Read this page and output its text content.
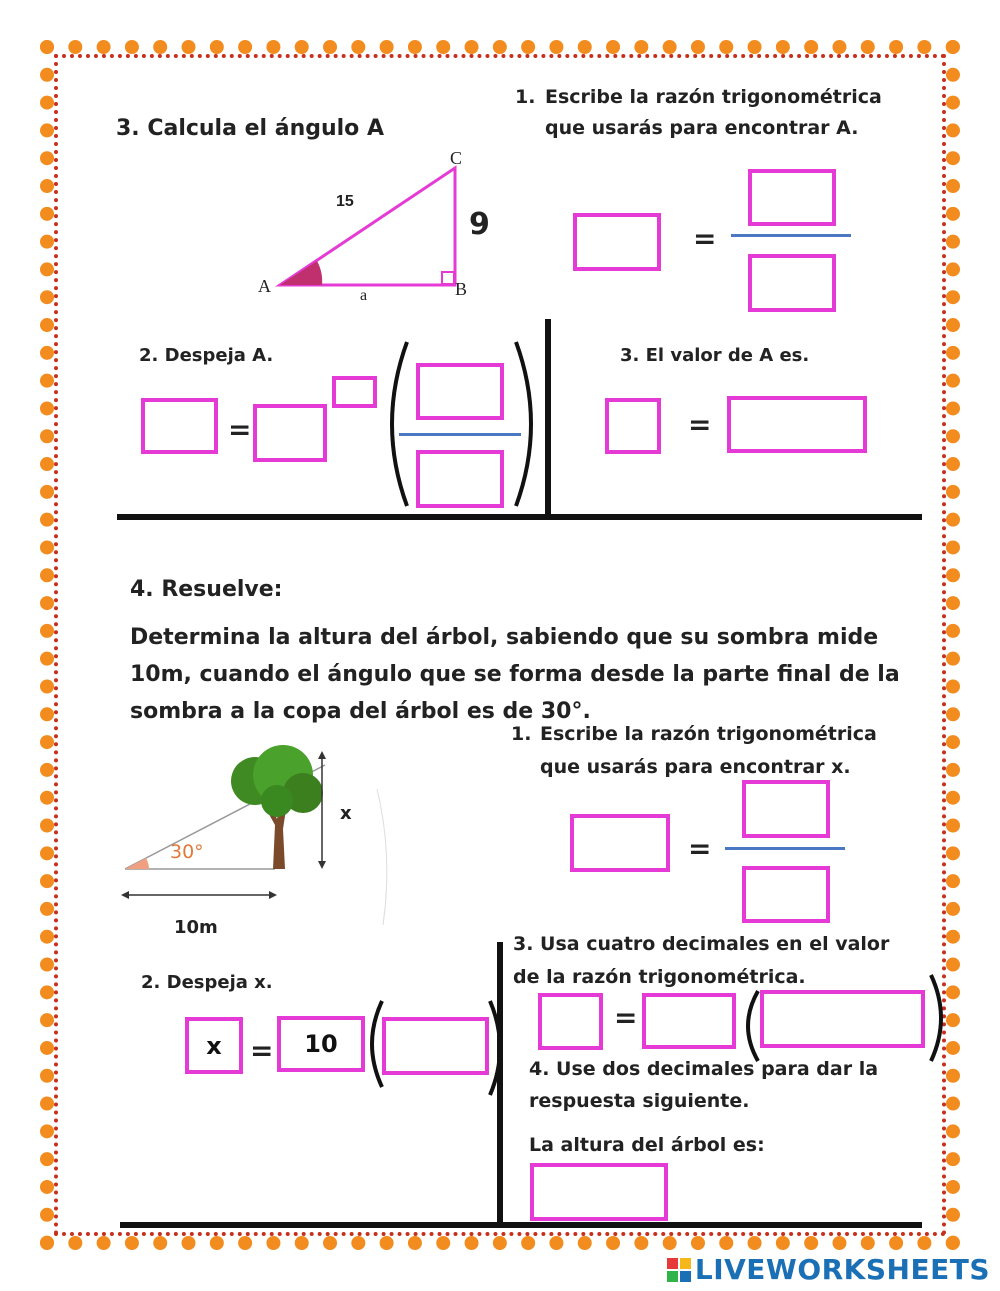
3. Calcula el ángulo A
A	B
C
15
a
9
1. Escribe la razón trigonométrica
que usarás para encontrar A.
=
2. Despeja A.
=
3. El valor de A es.
=
4. Resuelve:
Determina la altura del árbol, sabiendo que su sombra mide
10m, cuando el ángulo que se forma desde la parte final de la
sombra a la copa del árbol es de 30°.
30°
x
10m
1. Escribe la razón trigonométrica
que usarás para encontrar x.
=
2. Despeja x.
x	=	10
3. Usa cuatro decimales en el valor
de la razón trigonométrica.
=
4. Use dos decimales para dar la
respuesta siguiente.
La altura del árbol es:
LIVEWORKSHEETS
